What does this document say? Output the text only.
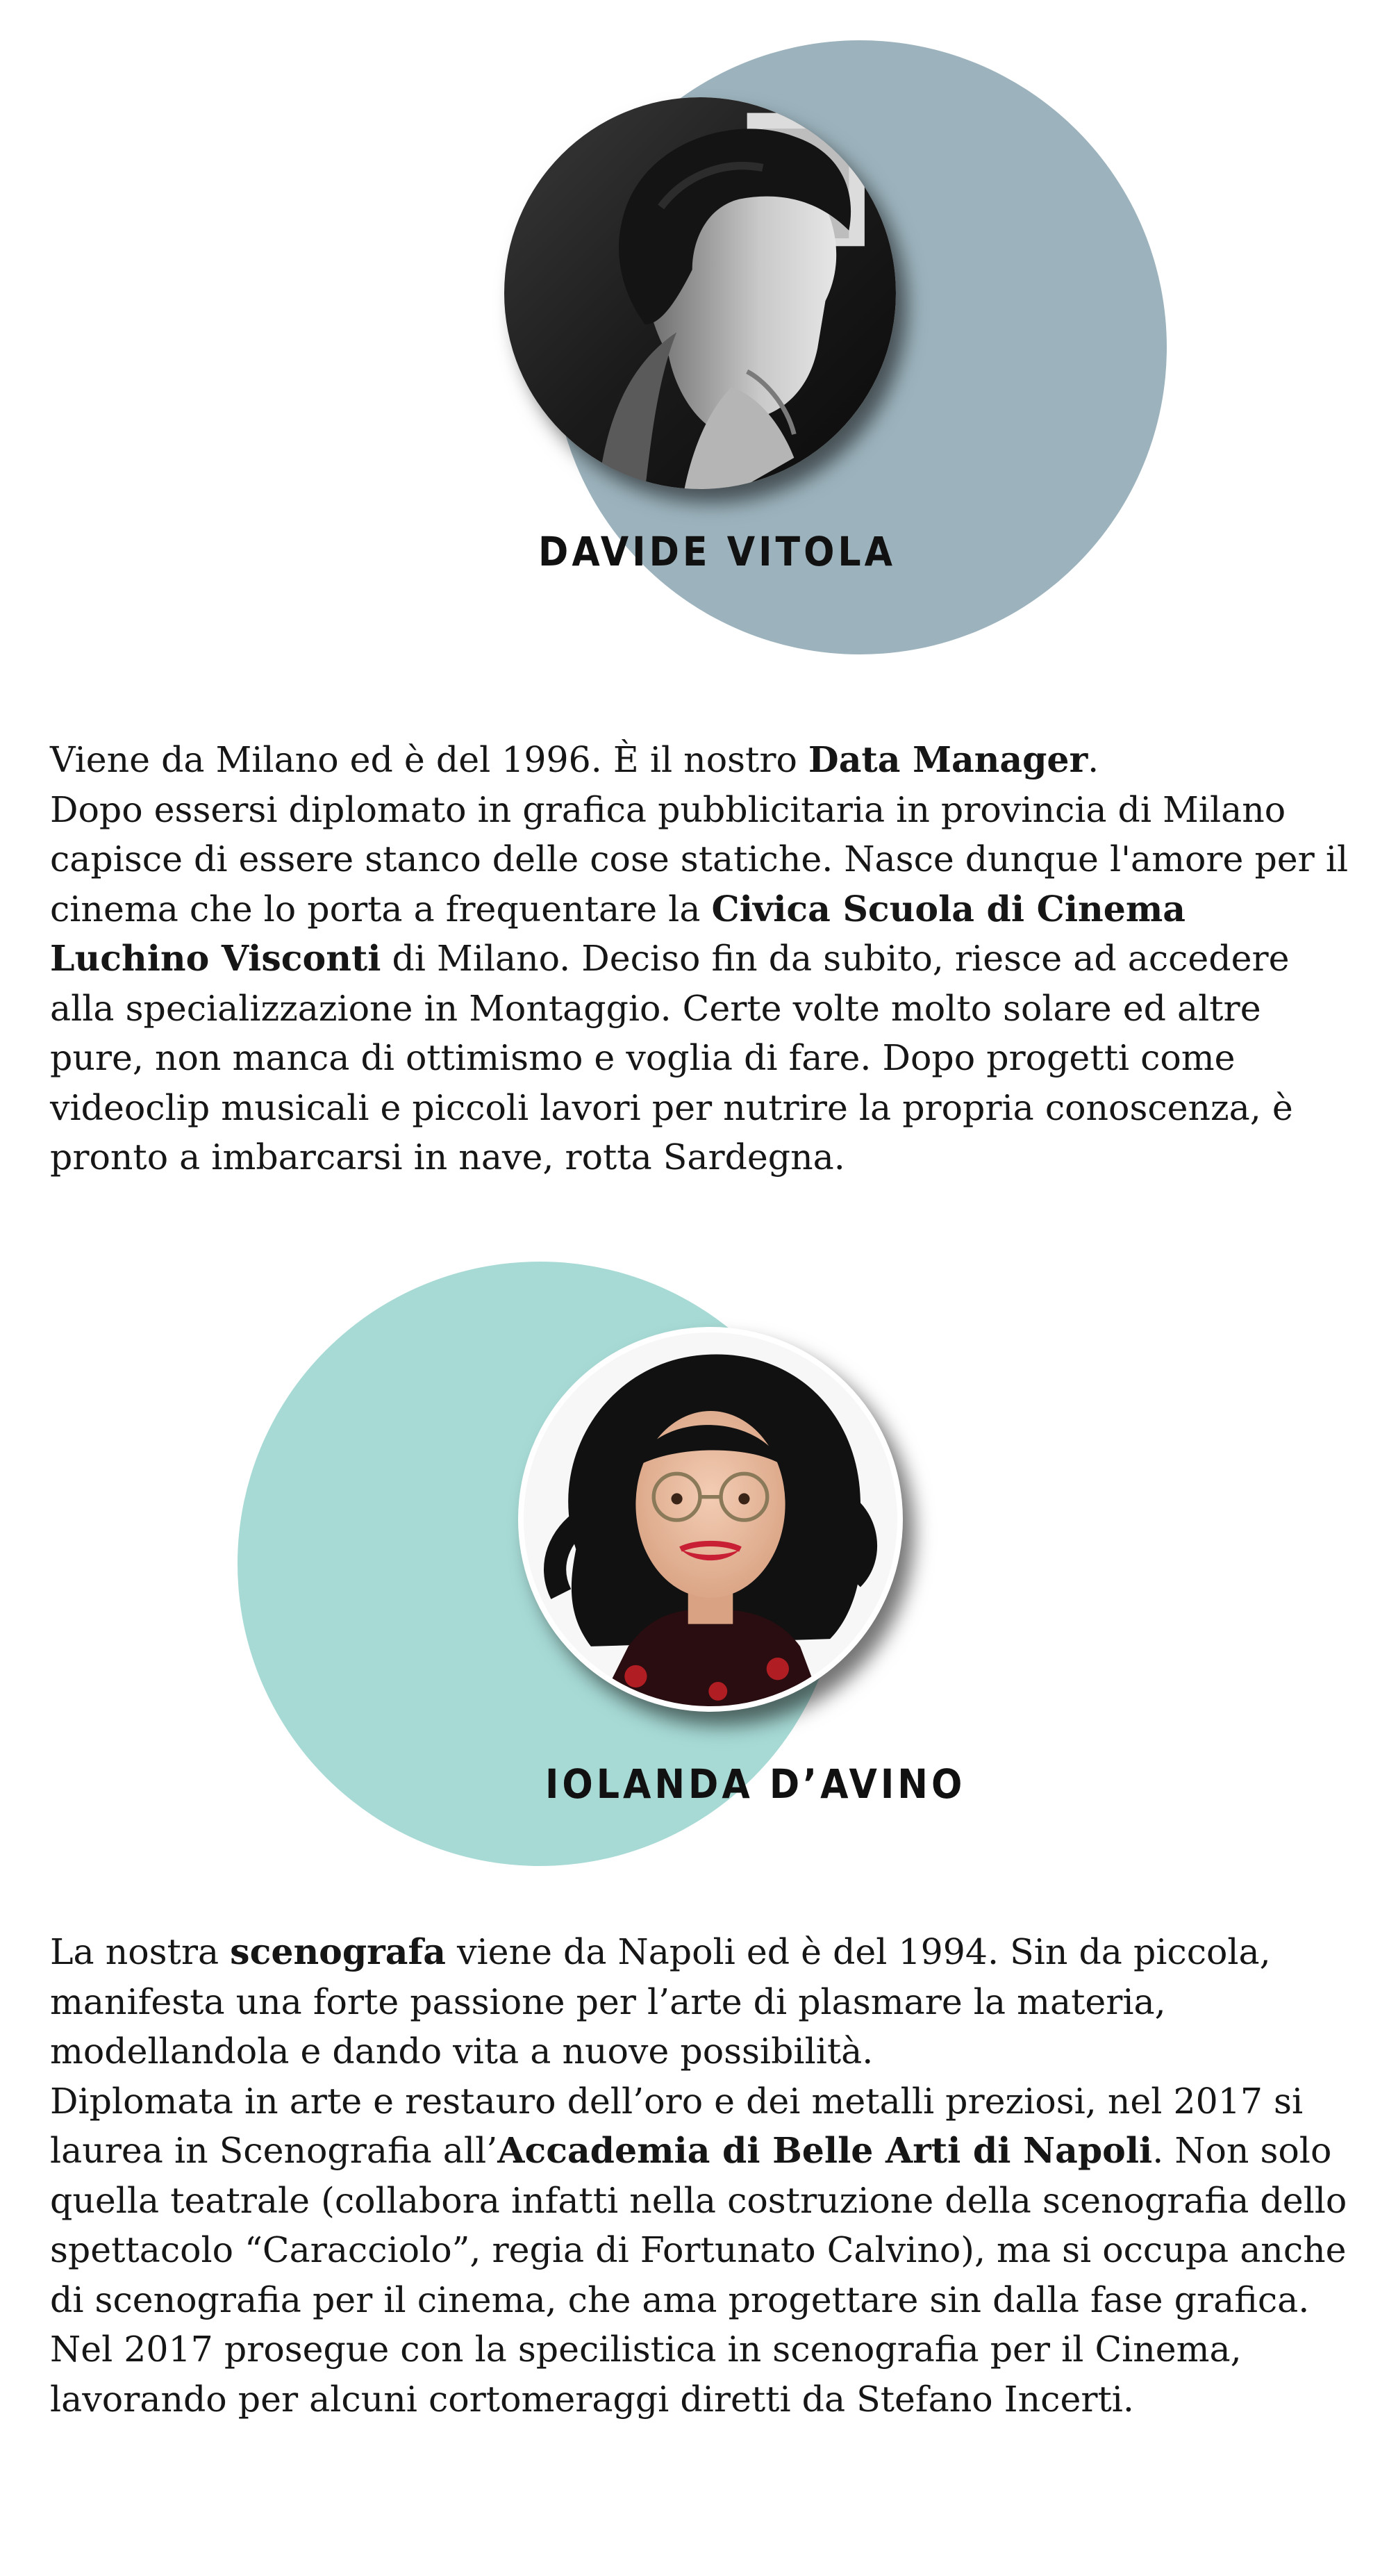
DAVIDE VITOLA

Viene da Milano ed è del 1996. È il nostro Data Manager.

Dopo essersi diplomato in grafica pubblicitaria in provincia di Milano capisce di essere stanco delle cose statiche. Nasce dunque l'amore per il cinema che lo porta a frequentare la Civica Scuola di Cinema Luchino Visconti di Milano. Deciso fin da subito, riesce ad accedere alla specializzazione in Montaggio. Certe volte molto solare ed altre pure, non manca di ottimismo e voglia di fare. Dopo progetti come videoclip musicali e piccoli lavori per nutrire la propria conoscenza, è pronto a imbarcarsi in nave, rotta Sardegna.

IOLANDA D’AVINO

La nostra scenografa viene da Napoli ed è del 1994. Sin da piccola, manifesta una forte passione per l’arte di plasmare la materia, modellandola e dando vita a nuove possibilità.

Diplomata in arte e restauro dell’oro e dei metalli preziosi, nel 2017 si laurea in Scenografia all’Accademia di Belle Arti di Napoli. Non solo quella teatrale (collabora infatti nella costruzione della scenografia dello spettacolo “Caracciolo”, regia di Fortunato Calvino), ma si occupa anche di scenografia per il cinema, che ama progettare sin dalla fase grafica.

Nel 2017 prosegue con la specilistica in scenografia per il Cinema, lavorando per alcuni cortomeraggi diretti da Stefano Incerti.
